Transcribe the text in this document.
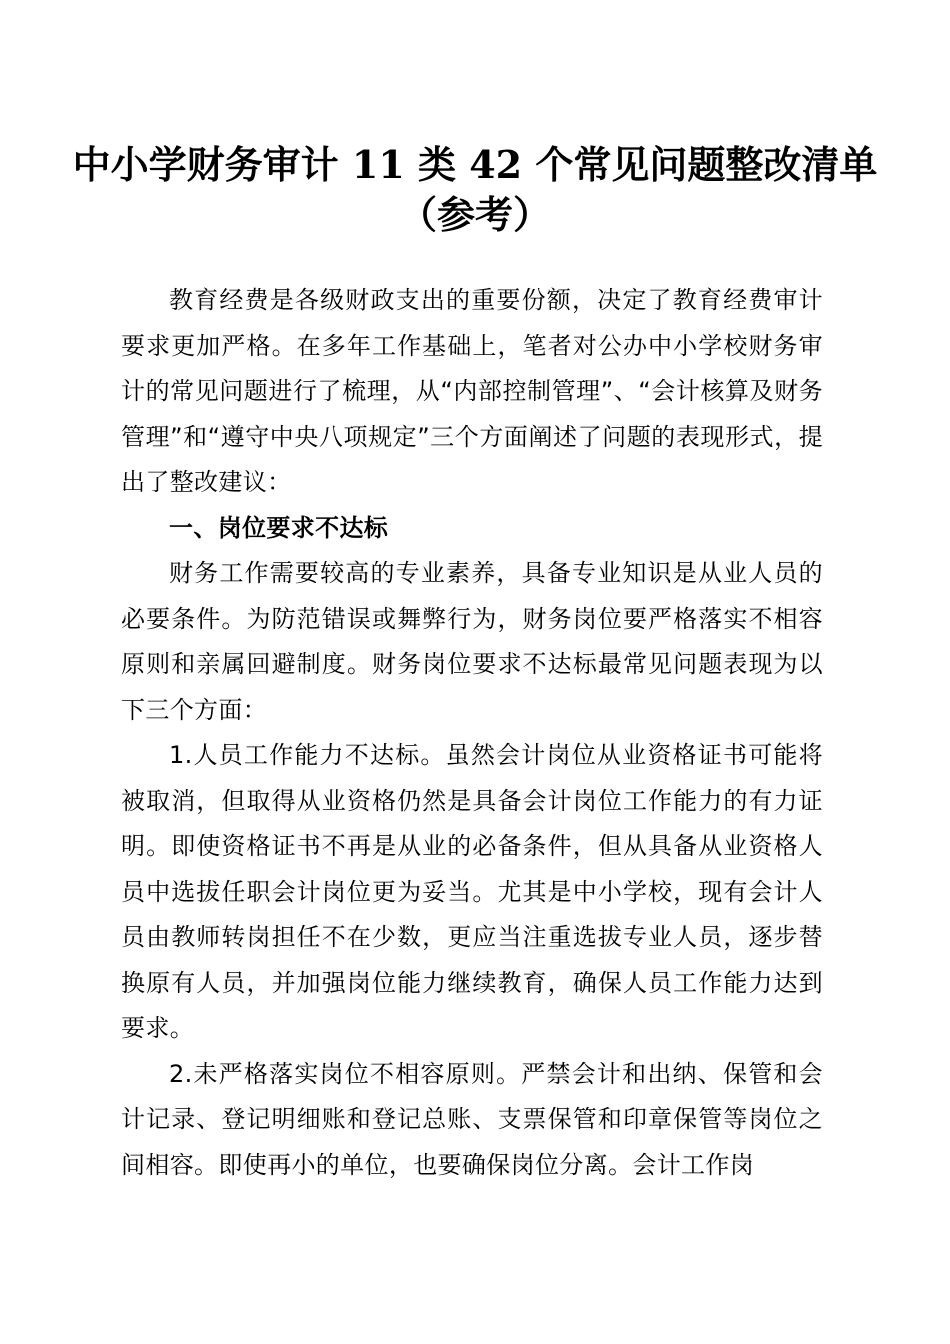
中小学财务审计 11 类 42 个常见问题整改清单
（参考）

教育经费是各级财政支出的重要份额，决定了教育经费审计要求更加严格。在多年工作基础上，笔者对公办中小学校财务审计的常见问题进行了梳理，从“内部控制管理”、“会计核算及财务管理”和“遵守中央八项规定”三个方面阐述了问题的表现形式，提出了整改建议：

一、岗位要求不达标

财务工作需要较高的专业素养，具备专业知识是从业人员的必要条件。为防范错误或舞弊行为，财务岗位要严格落实不相容原则和亲属回避制度。财务岗位要求不达标最常见问题表现为以下三个方面：

1.人员工作能力不达标。虽然会计岗位从业资格证书可能将被取消，但取得从业资格仍然是具备会计岗位工作能力的有力证明。即使资格证书不再是从业的必备条件，但从具备从业资格人员中选拔任职会计岗位更为妥当。尤其是中小学校，现有会计人员由教师转岗担任不在少数，更应当注重选拔专业人员，逐步替换原有人员，并加强岗位能力继续教育，确保人员工作能力达到要求。

2.未严格落实岗位不相容原则。严禁会计和出纳、保管和会计记录、登记明细账和登记总账、支票保管和印章保管等岗位之间相容。即使再小的单位，也要确保岗位分离。会计工作岗
